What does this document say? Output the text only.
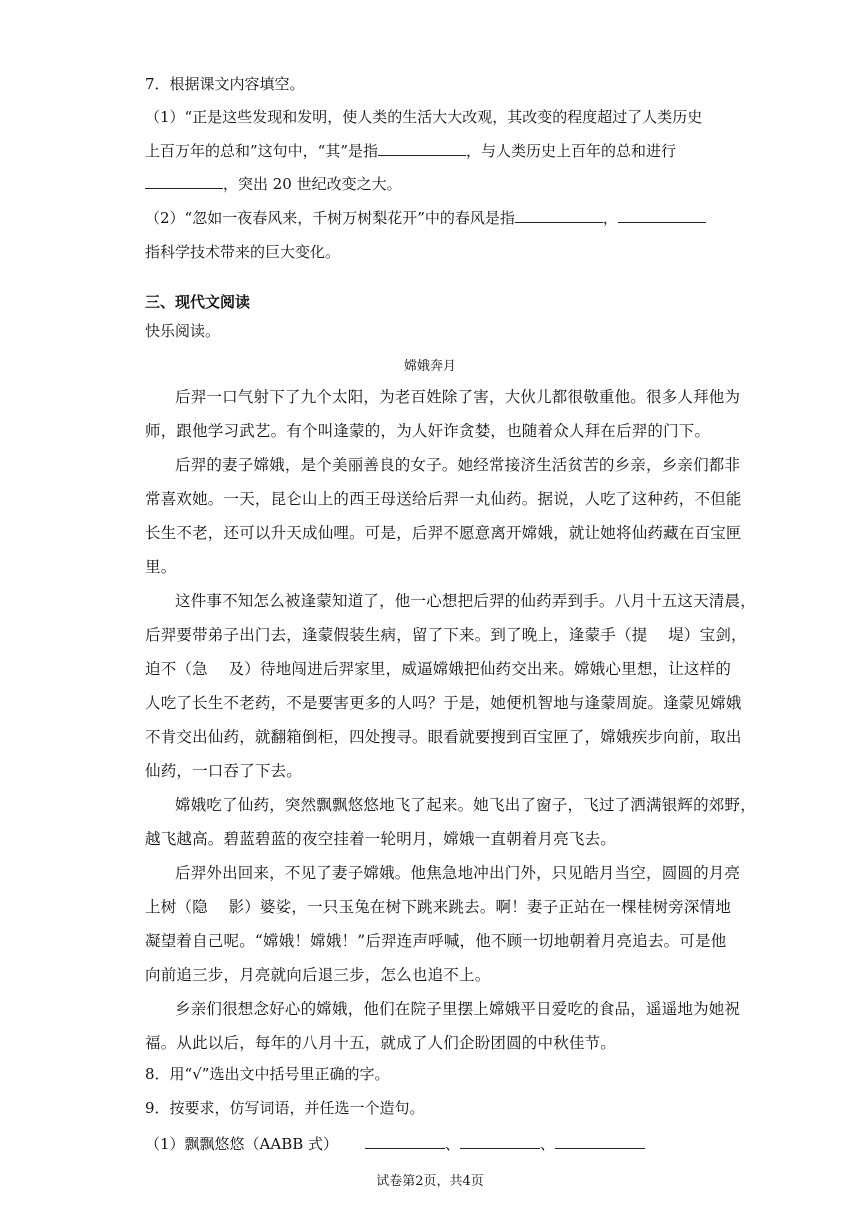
7．根据课文内容填空。
（1）“正是这些发现和发明，使人类的生活大大改观，其改变的程度超过了人类历史
上百万年的总和”这句中，“其”是指	，与人类历史上百年的总和进行
，突出 20 世纪改变之大。
（2）“忽如一夜春风来，千树万树梨花开”中的春风是指	，
指科学技术带来的巨大变化。
三、现代文阅读
快乐阅读。
嫦娥奔月
后羿一口气射下了九个太阳，为老百姓除了害，大伙儿都很敬重他。很多人拜他为
师，跟他学习武艺。有个叫逢蒙的，为人奸诈贪婪，也随着众人拜在后羿的门下。
后羿的妻子嫦娥，是个美丽善良的女子。她经常接济生活贫苦的乡亲，乡亲们都非
常喜欢她。一天，昆仑山上的西王母送给后羿一丸仙药。据说，人吃了这种药，不但能
长生不老，还可以升天成仙哩。可是，后羿不愿意离开嫦娥，就让她将仙药藏在百宝匣
里。
这件事不知怎么被逢蒙知道了，他一心想把后羿的仙药弄到手。八月十五这天清晨，
后羿要带弟子出门去，逢蒙假装生病，留了下来。到了晚上，逢蒙手（提　 堤）宝剑，
迫不（急　 及）待地闯进后羿家里，威逼嫦娥把仙药交出来。嫦娥心里想，让这样的
人吃了长生不老药，不是要害更多的人吗？于是，她便机智地与逢蒙周旋。逢蒙见嫦娥
不肯交出仙药，就翻箱倒柜，四处搜寻。眼看就要搜到百宝匣了，嫦娥疾步向前，取出
仙药，一口吞了下去。
嫦娥吃了仙药，突然飘飘悠悠地飞了起来。她飞出了窗子，飞过了洒满银辉的郊野，
越飞越高。碧蓝碧蓝的夜空挂着一轮明月，嫦娥一直朝着月亮飞去。
后羿外出回来，不见了妻子嫦娥。他焦急地冲出门外，只见皓月当空，圆圆的月亮
上树（隐　 影）婆娑，一只玉兔在树下跳来跳去。啊！妻子正站在一棵桂树旁深情地
凝望着自己呢。“嫦娥！嫦娥！”后羿连声呼喊，他不顾一切地朝着月亮追去。可是他
向前追三步，月亮就向后退三步，怎么也追不上。
乡亲们很想念好心的嫦娥，他们在院子里摆上嫦娥平日爱吃的食品，遥遥地为她祝
福。从此以后，每年的八月十五，就成了人们企盼团圆的中秋佳节。
8．用“√”选出文中括号里正确的字。
9．按要求，仿写词语，并任选一个造句。
（1）飘飘悠悠（AABB 式）	、	、
试卷第2页，共4页
